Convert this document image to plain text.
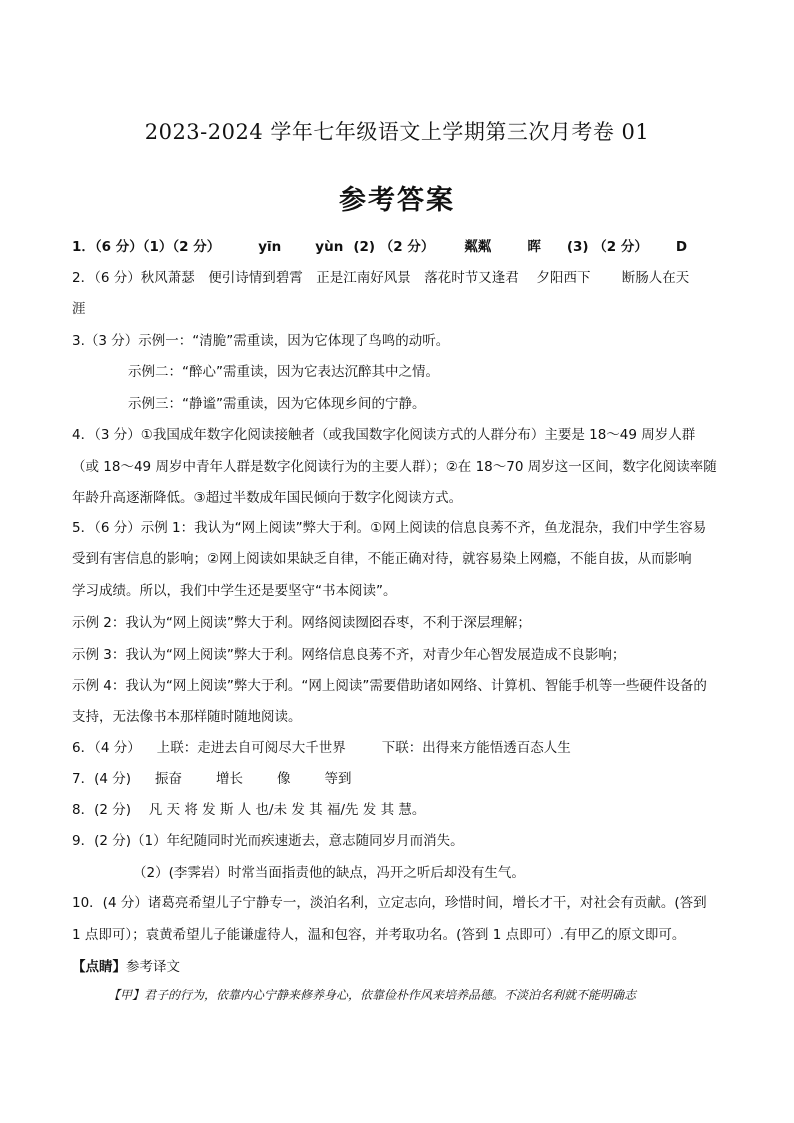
2023-2024 学年七年级语文上学期第三次月考卷 01
参考答案
1．（6 分）（1）（2 分）	yīn	yùn (2) （2 分） 粼粼	晖 (3) （2 分） D
2．（6 分）秋风萧瑟　便引诗情到碧霄　正是江南好风景　落花时节又逢君　 夕阳西下　　 断肠人在天
涯
3.（3 分）示例一：“清脆”需重读，因为它体现了鸟鸣的动听。
示例二：“醉心”需重读，因为它表达沉醉其中之情。
示例三：“静谧”需重读，因为它体现乡间的宁静。
4．（3 分）①我国成年数字化阅读接触者（或我国数字化阅读方式的人群分布）主要是 18～49 周岁人群
（或 18～49 周岁中青年人群是数字化阅读行为的主要人群）；②在 18～70 周岁这一区间，数字化阅读率随
年龄升高逐渐降低。③超过半数成年国民倾向于数字化阅读方式。
5．（6 分）示例 1：我认为“网上阅读”弊大于利。①网上阅读的信息良莠不齐，鱼龙混杂，我们中学生容易
受到有害信息的影响；②网上阅读如果缺乏自律，不能正确对待，就容易染上网瘾，不能自拔，从而影响
学习成绩。所以，我们中学生还是要坚守“书本阅读”。
示例 2：我认为“网上阅读”弊大于利。网络阅读囫囵吞枣，不利于深层理解；
示例 3：我认为“网上阅读”弊大于利。网络信息良莠不齐，对青少年心智发展造成不良影响；
示例 4：我认为“网上阅读”弊大于利。“网上阅读”需要借助诸如网络、计算机、智能手机等一些硬件设备的
支持，无法像书本那样随时随地阅读。
6．（4 分） 上联：走进去自可阅尽大千世界	下联：出得来方能悟透百态人生
7．(4 分) 振奋	增长	像	等到
8．(2 分)　 凡 天 将 发 斯 人 也/未 发 其 福/先 发 其 慧。
9．(2 分)（1）年纪随同时光而疾速逝去，意志随同岁月而消失。
（2）(李霁岩）时常当面指责他的缺点，冯开之听后却没有生气。
10．(4 分）诸葛亮希望儿子宁静专一，淡泊名利，立定志向，珍惜时间，增长才干，对社会有贡献。(答到
1 点即可）；袁黄希望儿子能谦虚待人，温和包容，并考取功名。(答到 1 点即可）.有甲乙的原文即可。
【点睛】参考译文
【甲】君子的行为，依靠内心宁静来修养身心，依靠俭朴作风来培养品德。不淡泊名利就不能明确志
